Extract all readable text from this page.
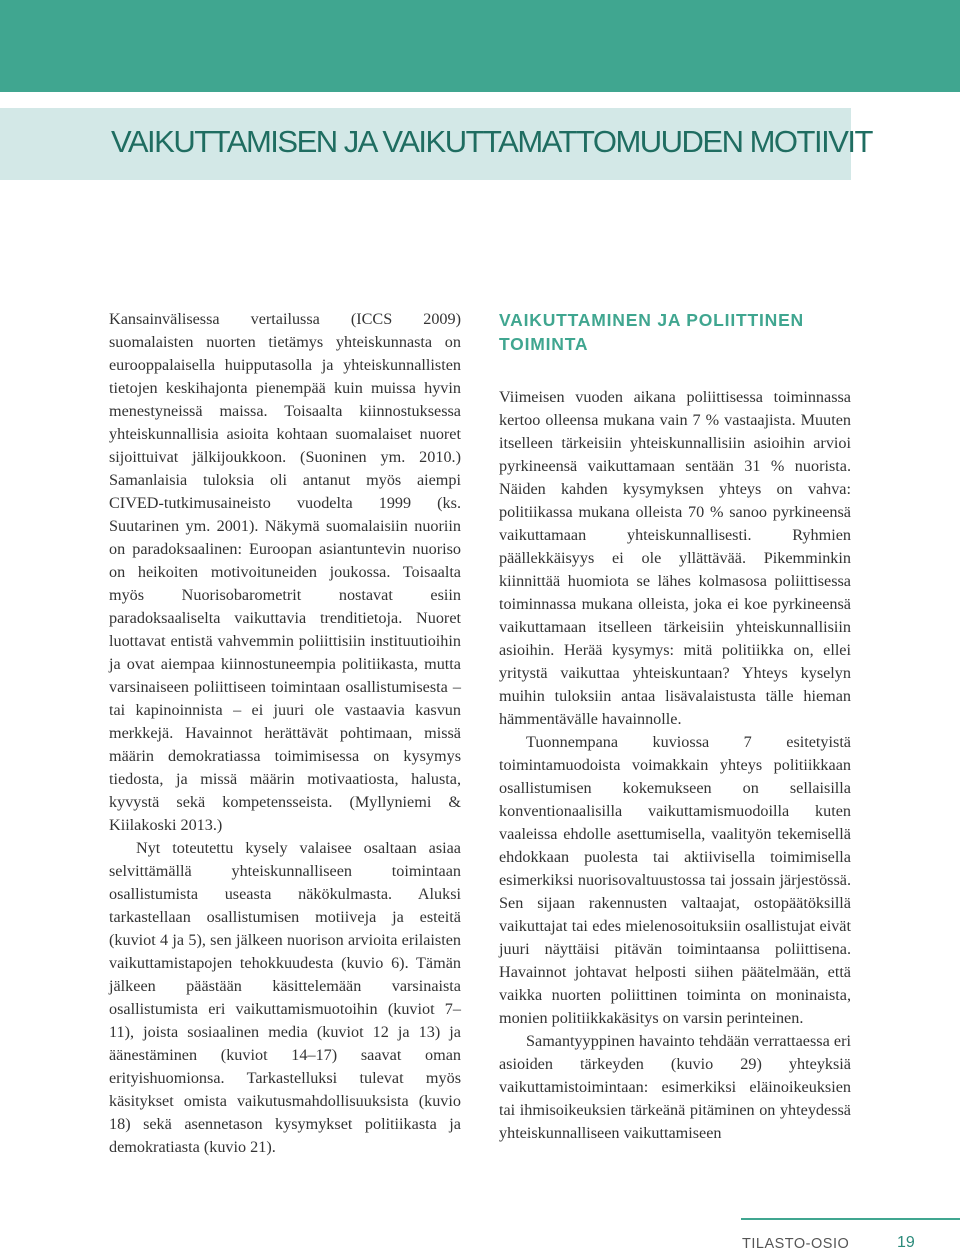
VAIKUTTAMISEN JA VAIKUTTAMATTOMUUDEN MOTIIVIT

Kansainvälisessa vertailussa (ICCS 2009) suomalaisten nuorten tietämys yhteiskunnasta on eurooppalaisella huipputasolla ja yhteiskunnallisten tietojen keskihajonta pienempää kuin muissa hyvin menestyneissä maissa. Toisaalta kiinnostuksessa yhteiskunnallisia asioita kohtaan suomalaiset nuoret sijoittuivat jälkijoukkoon. (Suoninen ym. 2010.) Samanlaisia tuloksia oli antanut myös aiempi CIVED-tutkimusaineisto vuodelta 1999 (ks. Suutarinen ym. 2001). Näkymä suomalaisiin nuoriin on paradoksaalinen: Euroopan asiantuntevin nuoriso on heikoiten motivoituneiden joukossa. Toisaalta myös Nuorisobarometrit nostavat esiin paradoksaaliselta vaikuttavia trenditietoja. Nuoret luottavat entistä vahvemmin poliittisiin instituutioihin ja ovat aiempaa kiinnostuneempia politiikasta, mutta varsinaiseen poliittiseen toimintaan osallistumisesta – tai kapinoinnista – ei juuri ole vastaavia kasvun merkkejä. Havainnot herättävät pohtimaan, missä määrin demokratiassa toimimisessa on kysymys tiedosta, ja missä määrin motivaatiosta, halusta, kyvystä sekä kompetensseista. (Myllyniemi & Kiilakoski 2013.)

Nyt toteutettu kysely valaisee osaltaan asiaa selvittämällä yhteiskunnalliseen toimintaan osallistumista useasta näkökulmasta. Aluksi tarkastellaan osallistumisen motiiveja ja esteitä (kuviot 4 ja 5), sen jälkeen nuorison arvioita erilaisten vaikuttamistapojen tehokkuudesta (kuvio 6). Tämän jälkeen päästään käsittelemään varsinaista osallistumista eri vaikuttamismuotoihin (kuviot 7–11), joista sosiaalinen media (kuviot 12 ja 13) ja äänestäminen (kuviot 14–17) saavat oman erityishuomionsa. Tarkastelluksi tulevat myös käsitykset omista vaikutusmahdollisuuksista (kuvio 18) sekä asennetason kysymykset politiikasta ja demokratiasta (kuvio 21).

VAIKUTTAMINEN JA POLIITTINEN TOIMINTA

Viimeisen vuoden aikana poliittisessa toiminnassa kertoo olleensa mukana vain 7 % vastaajista. Muuten itselleen tärkeisiin yhteiskunnallisiin asioihin arvioi pyrkineensä vaikuttamaan sentään 31 % nuorista. Näiden kahden kysymyksen yhteys on vahva: politiikassa mukana olleista 70 % sanoo pyrkineensä vaikuttamaan yhteiskunnallisesti. Ryhmien päällekkäisyys ei ole yllättävää. Pikemminkin kiinnittää huomiota se lähes kolmasosa poliittisessa toiminnassa mukana olleista, joka ei koe pyrkineensä vaikuttamaan itselleen tärkeisiin yhteiskunnallisiin asioihin. Herää kysymys: mitä politiikka on, ellei yritystä vaikuttaa yhteiskuntaan? Yhteys kyselyn muihin tuloksiin antaa lisävalaistusta tälle hieman hämmentävälle havainnolle.

Tuonnempana kuviossa 7 esitetyistä toimintamuodoista voimakkain yhteys politiikkaan osallistumisen kokemukseen on sellaisilla konventionaalisilla vaikuttamismuodoilla kuten vaaleissa ehdolle asettumisella, vaalityön tekemisellä ehdokkaan puolesta tai aktiivisella toimimisella esimerkiksi nuorisovaltuustossa tai jossain järjestössä. Sen sijaan rakennusten valtaajat, ostopäätöksillä vaikuttajat tai edes mielenosoituksiin osallistujat eivät juuri näyttäisi pitävän toimintaansa poliittisena. Havainnot johtavat helposti siihen päätelmään, että vaikka nuorten poliittinen toiminta on moninaista, monien politiikkakäsitys on varsin perinteinen.

Samantyyppinen havainto tehdään verrattaessa eri asioiden tärkeyden (kuvio 29) yhteyksiä vaikuttamistoimintaan: esimerkiksi eläinoikeuksien tai ihmisoikeuksien tärkeänä pitäminen on yhteydessä yhteiskunnalliseen vaikuttamiseen

TILASTO-OSIO	19
